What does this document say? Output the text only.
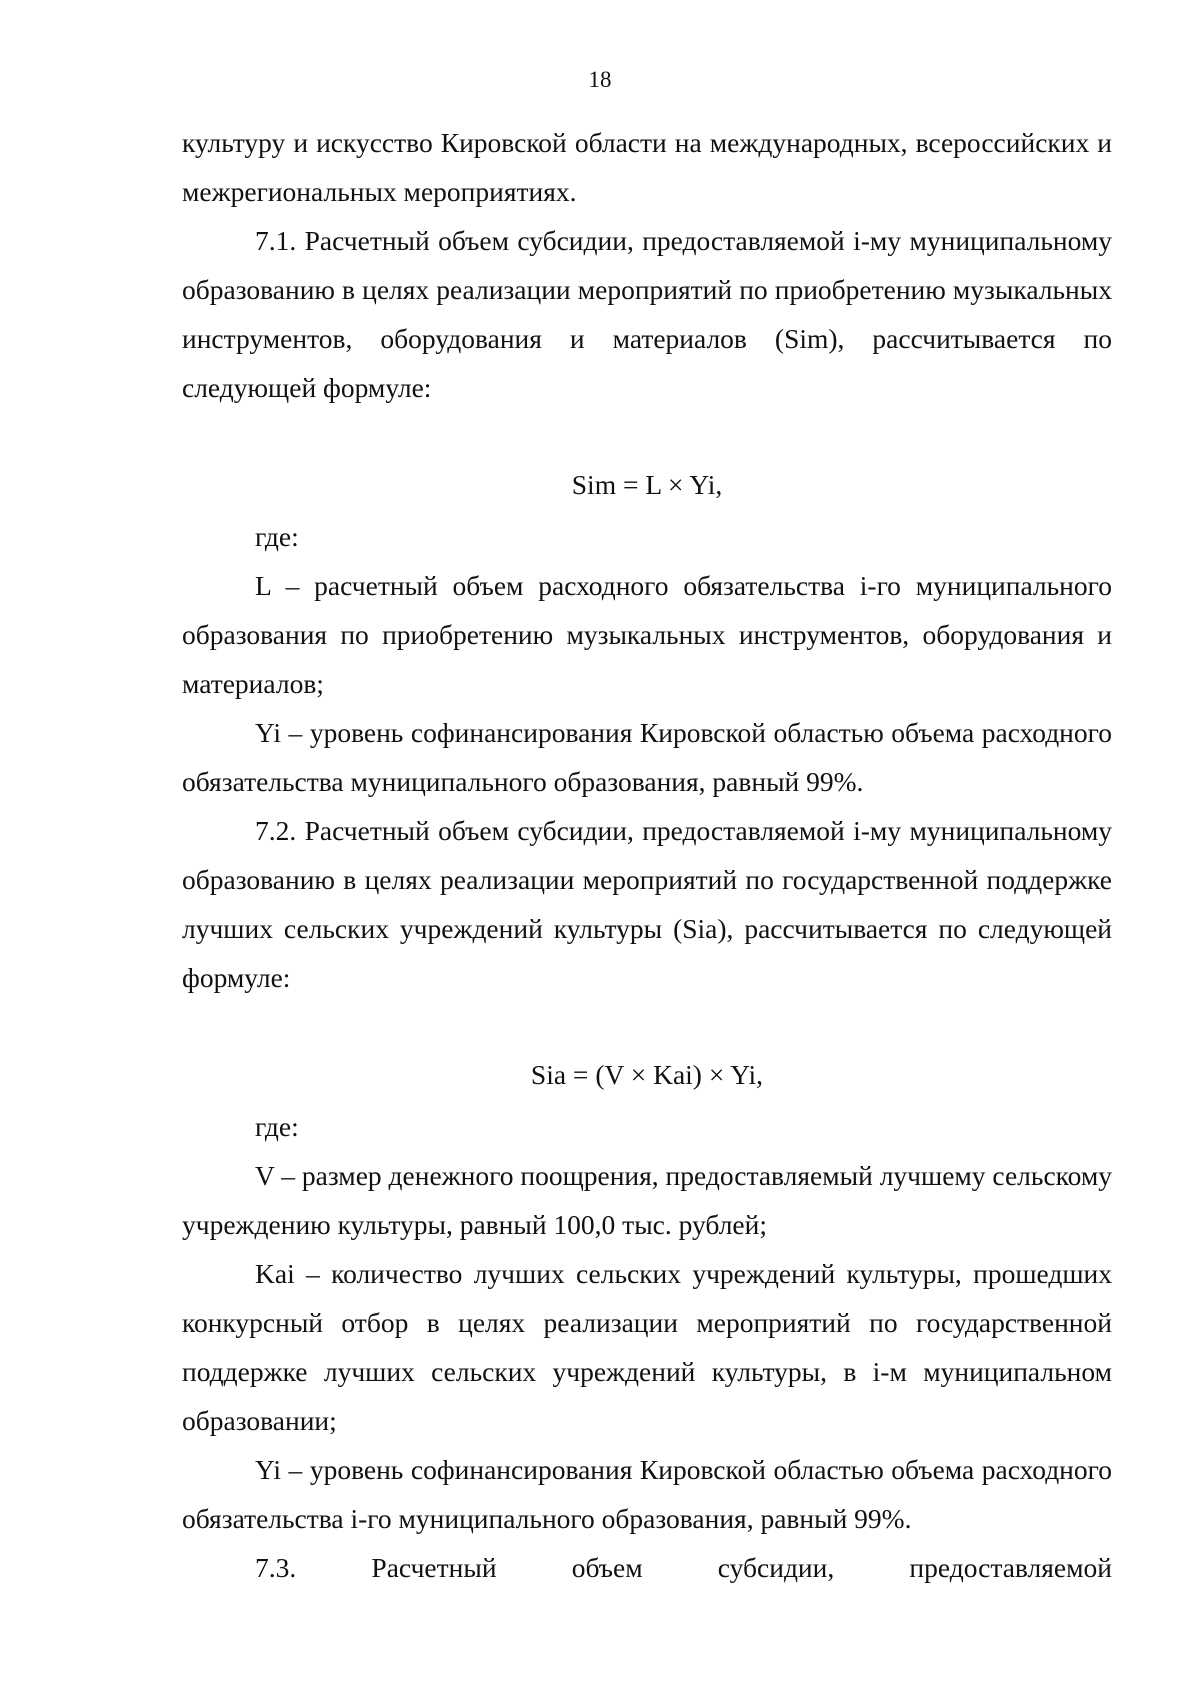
18

культуру и искусство Кировской области на международных, всероссийских и межрегиональных мероприятиях.

7.1. Расчетный объем субсидии, предоставляемой i-му муниципальному образованию в целях реализации мероприятий по приобретению музыкальных инструментов, оборудования и материалов (Sim), рассчитывается по следующей формуле:

Sim = L × Yi,

где:

L – расчетный объем расходного обязательства i-го муниципального образования по приобретению музыкальных инструментов, оборудования и материалов;

Yi – уровень софинансирования Кировской областью объема расходного обязательства муниципального образования, равный 99%.

7.2. Расчетный объем субсидии, предоставляемой i-му муниципальному образованию в целях реализации мероприятий по государственной поддержке лучших сельских учреждений культуры (Sia), рассчитывается по следующей формуле:

Sia = (V × Kai) × Yi,

где:

V – размер денежного поощрения, предоставляемый лучшему сельскому учреждению культуры, равный 100,0 тыс. рублей;

Kai – количество лучших сельских учреждений культуры, прошедших конкурсный отбор в целях реализации мероприятий по государственной поддержке лучших сельских учреждений культуры, в i-м муниципальном образовании;

Yi – уровень софинансирования Кировской областью объема расходного обязательства i-го муниципального образования, равный 99%.

7.3. Расчетный объем субсидии, предоставляемой
